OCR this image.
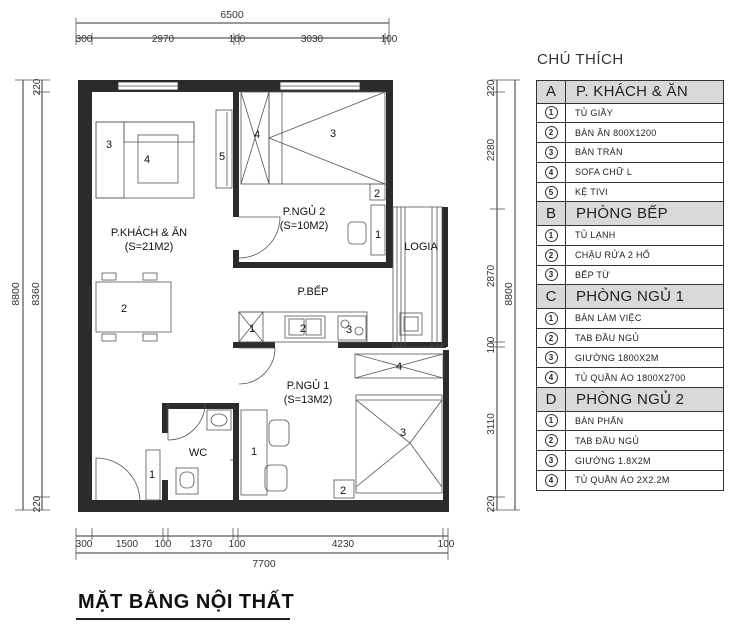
6500
300	2970	100	3030	100
220
8800 8360
220
220
2280
2870
100
3110
220
8800
300 1500 100 1370 100	4230	100
7700
LOGIA
3
4	5
2
1
P.KHÁCH & ĂN
(S=21M2)
4	3
2
1
P.NGỦ 2
(S=10M2)
1	2	3
P.BẾP
4
3
1
2
P.NGỦ 1
(S=13M2)
WC
CHÚ THÍCH
A	P. KHÁCH & ĂN
1	TỦ GIẦY
2	BÀN ĂN 800X1200
3	BÀN TRÀN
4	SOFA CHỮ L
5	KỆ TIVI
B	PHÒNG BẾP
1	TỦ LẠNH
2	CHẬU RỬA 2 HỐ
3	BẾP TỪ
C	PHÒNG NGỦ 1
1	BÀN LÀM VIỆC
2	TAB ĐẦU NGỦ
3	GIƯỜNG 1800X2M
4	TỦ QUẦN ÁO 1800X2700
D	PHÒNG NGỦ 2
1	BÀN PHẤN
2	TAB ĐẦU NGỦ
3	GIƯỜNG 1.8X2M
4	TỦ QUẦN ÁO 2X2.2M
MẶT BẰNG NỘI THẤT
